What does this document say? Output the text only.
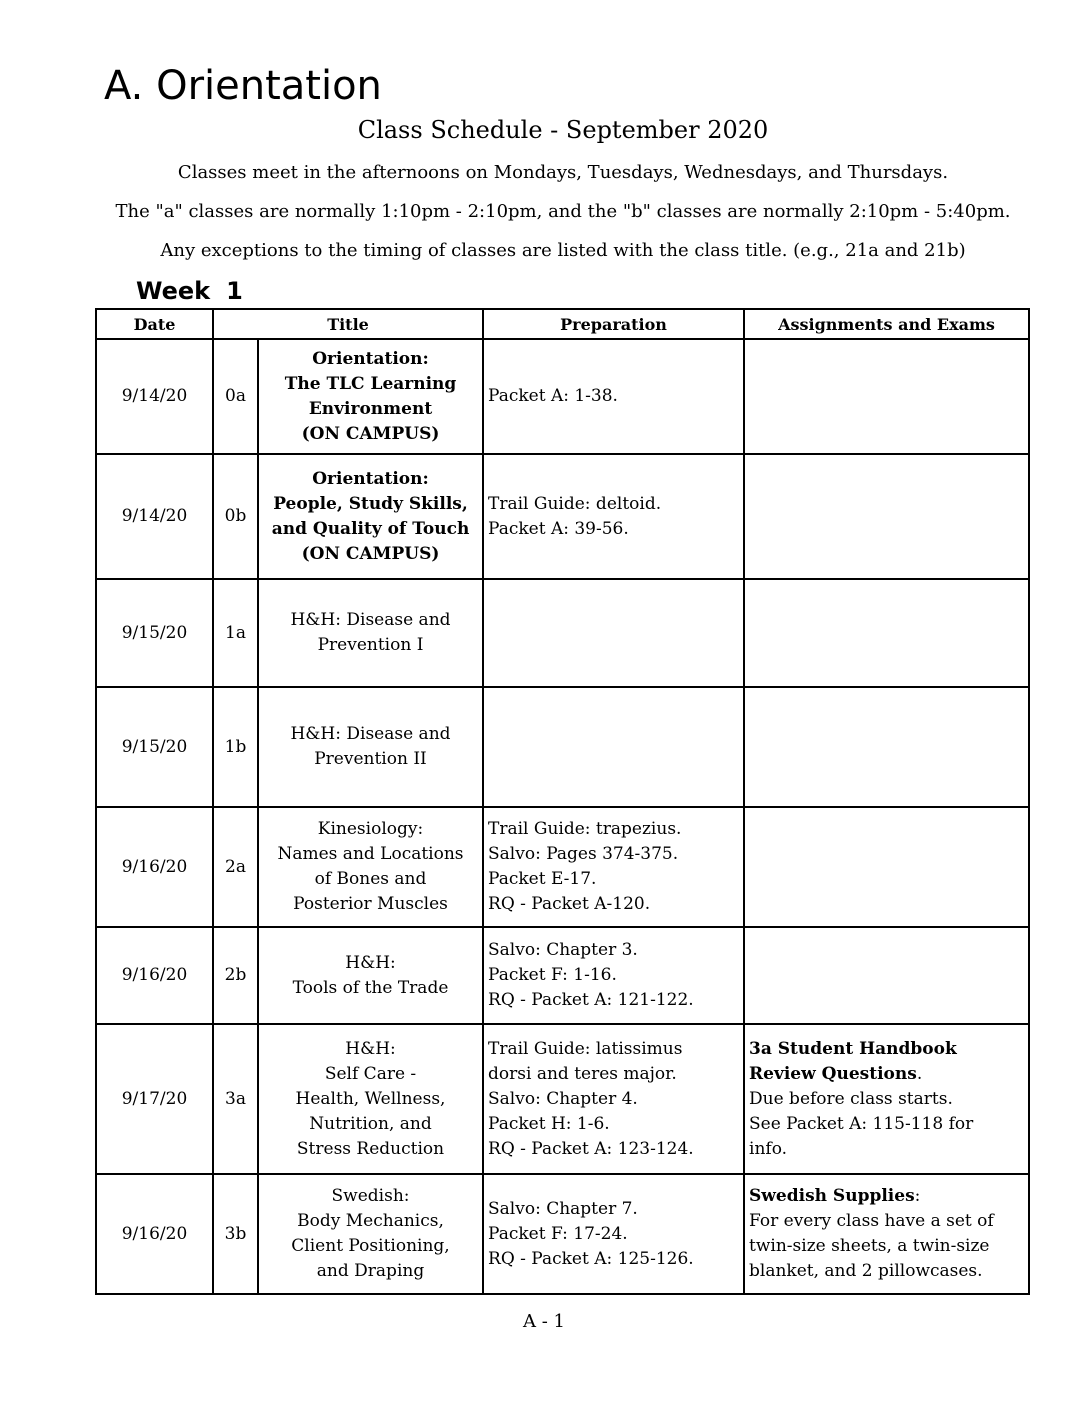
A. Orientation
Class Schedule - September 2020

Classes meet in the afternoons on Mondays, Tuesdays, Wednesdays, and Thursdays.

The "a" classes are normally 1:10pm - 2:10pm, and the "b" classes are normally 2:10pm - 5:40pm.

Any exceptions to the timing of classes are listed with the class title. (e.g., 21a and 21b)

Week 1
Date	Title		Preparation	Assignments and Exams
9/14/20	0a	Orientation:
The TLC Learning
Environment
(ON CAMPUS)	Packet A: 1-38.	

9/14/20	0b	Orientation:
People, Study Skills,
and Quality of Touch
(ON CAMPUS)	Trail Guide: deltoid.
Packet A: 39-56.	

9/15/20	1a	H&H: Disease and
Prevention I		

9/15/20	1b	H&H: Disease and
Prevention II		

9/16/20	2a	Kinesiology:
Names and Locations
of Bones and
Posterior Muscles	Trail Guide: trapezius.
Salvo: Pages 374-375.
Packet E-17.
RQ - Packet A-120.	

9/16/20	2b	H&H:
Tools of the Trade	Salvo: Chapter 3.
Packet F: 1-16.
RQ - Packet A: 121-122.	

9/17/20	3a	H&H:
Self Care -
Health, Wellness,
Nutrition, and
Stress Reduction	Trail Guide: latissimus
dorsi and teres major.
Salvo: Chapter 4.
Packet H: 1-6.
RQ - Packet A: 123-124.	3a Student Handbook Review Questions.
Due before class starts.
See Packet A: 115-118 for
info.

9/16/20	3b	Swedish:
Body Mechanics,
Client Positioning,
and Draping	Salvo: Chapter 7.
Packet F: 17-24.
RQ - Packet A: 125-126.	Swedish Supplies:
For every class have a set of
twin-size sheets, a twin-size
blanket, and 2 pillowcases.

A - 1
